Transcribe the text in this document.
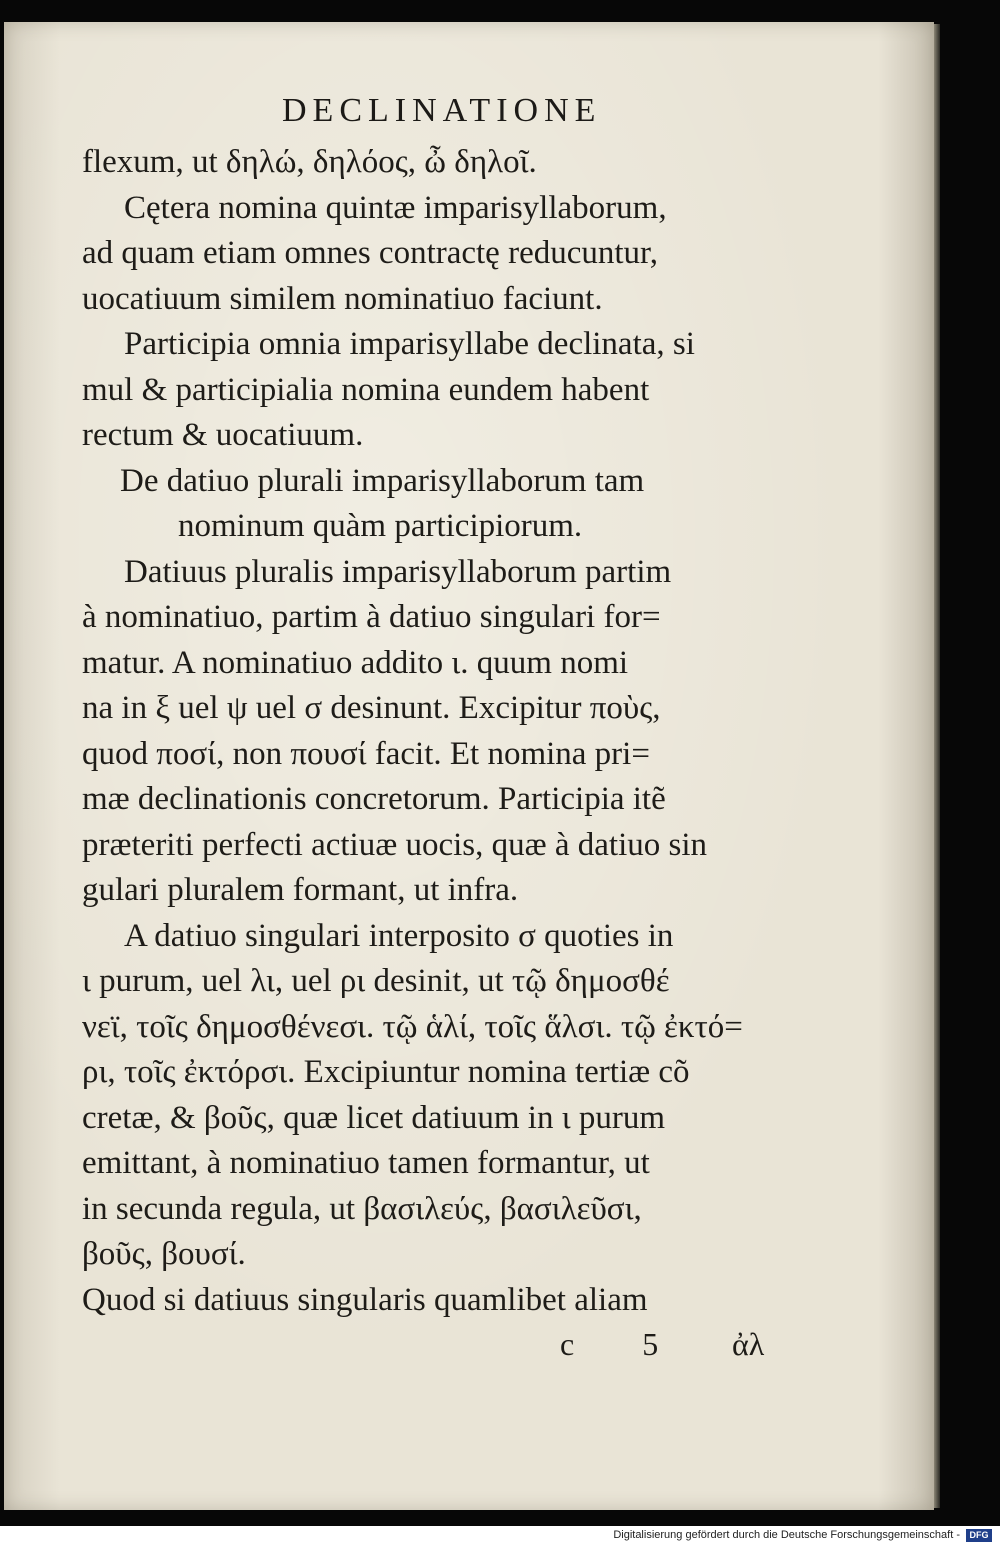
DECLINATIONE
flexum, ut δηλώ, δηλόος, ὦ δηλοῖ.
Cętera nomina quintæ imparisyllaborum,
ad quam etiam omnes contractę reducuntur,
uocatiuum similem nominatiuo faciunt.
Participia omnia imparisyllabe declinata, si
mul & participialia nomina eundem habent
rectum & uocatiuum.
De datiuo plurali imparisyllaborum tam
nominum quàm participiorum.
Datiuus pluralis imparisyllaborum partim
à nominatiuo, partim à datiuo singulari for=
matur. A nominatiuo addito ι. quum nomi
na in ξ uel ψ uel σ desinunt. Excipitur ποὺς,
quod ποσί, non πουσί facit. Et nomina pri=
mæ declinationis concretorum. Participia itẽ
præteriti perfecti actiuæ uocis, quæ à datiuo sin
gulari pluralem formant, ut infra.
A datiuo singulari interposito σ quoties in
ι purum, uel λι, uel ρι desinit, ut τῷ δημοσθέ
νεϊ, τοῖς δημοσθένεσι. τῷ ἁλί, τοῖς ἅλσι. τῷ ἐκτό=
ρι, τοῖς ἐκτόρσι. Excipiuntur nomina tertiæ cõ
cretæ, & βοῦς, quæ licet datiuum in ι purum
emittant, à nominatiuo tamen formantur, ut
in secunda regula, ut βασιλεύς, βασιλεῦσι,
βοῦς, βουσί.
Quod si datiuus singularis quamlibet aliam
c 5 ἀλ
Digitalisierung gefördert durch die Deutsche Forschungsgemeinschaft -	DFG
